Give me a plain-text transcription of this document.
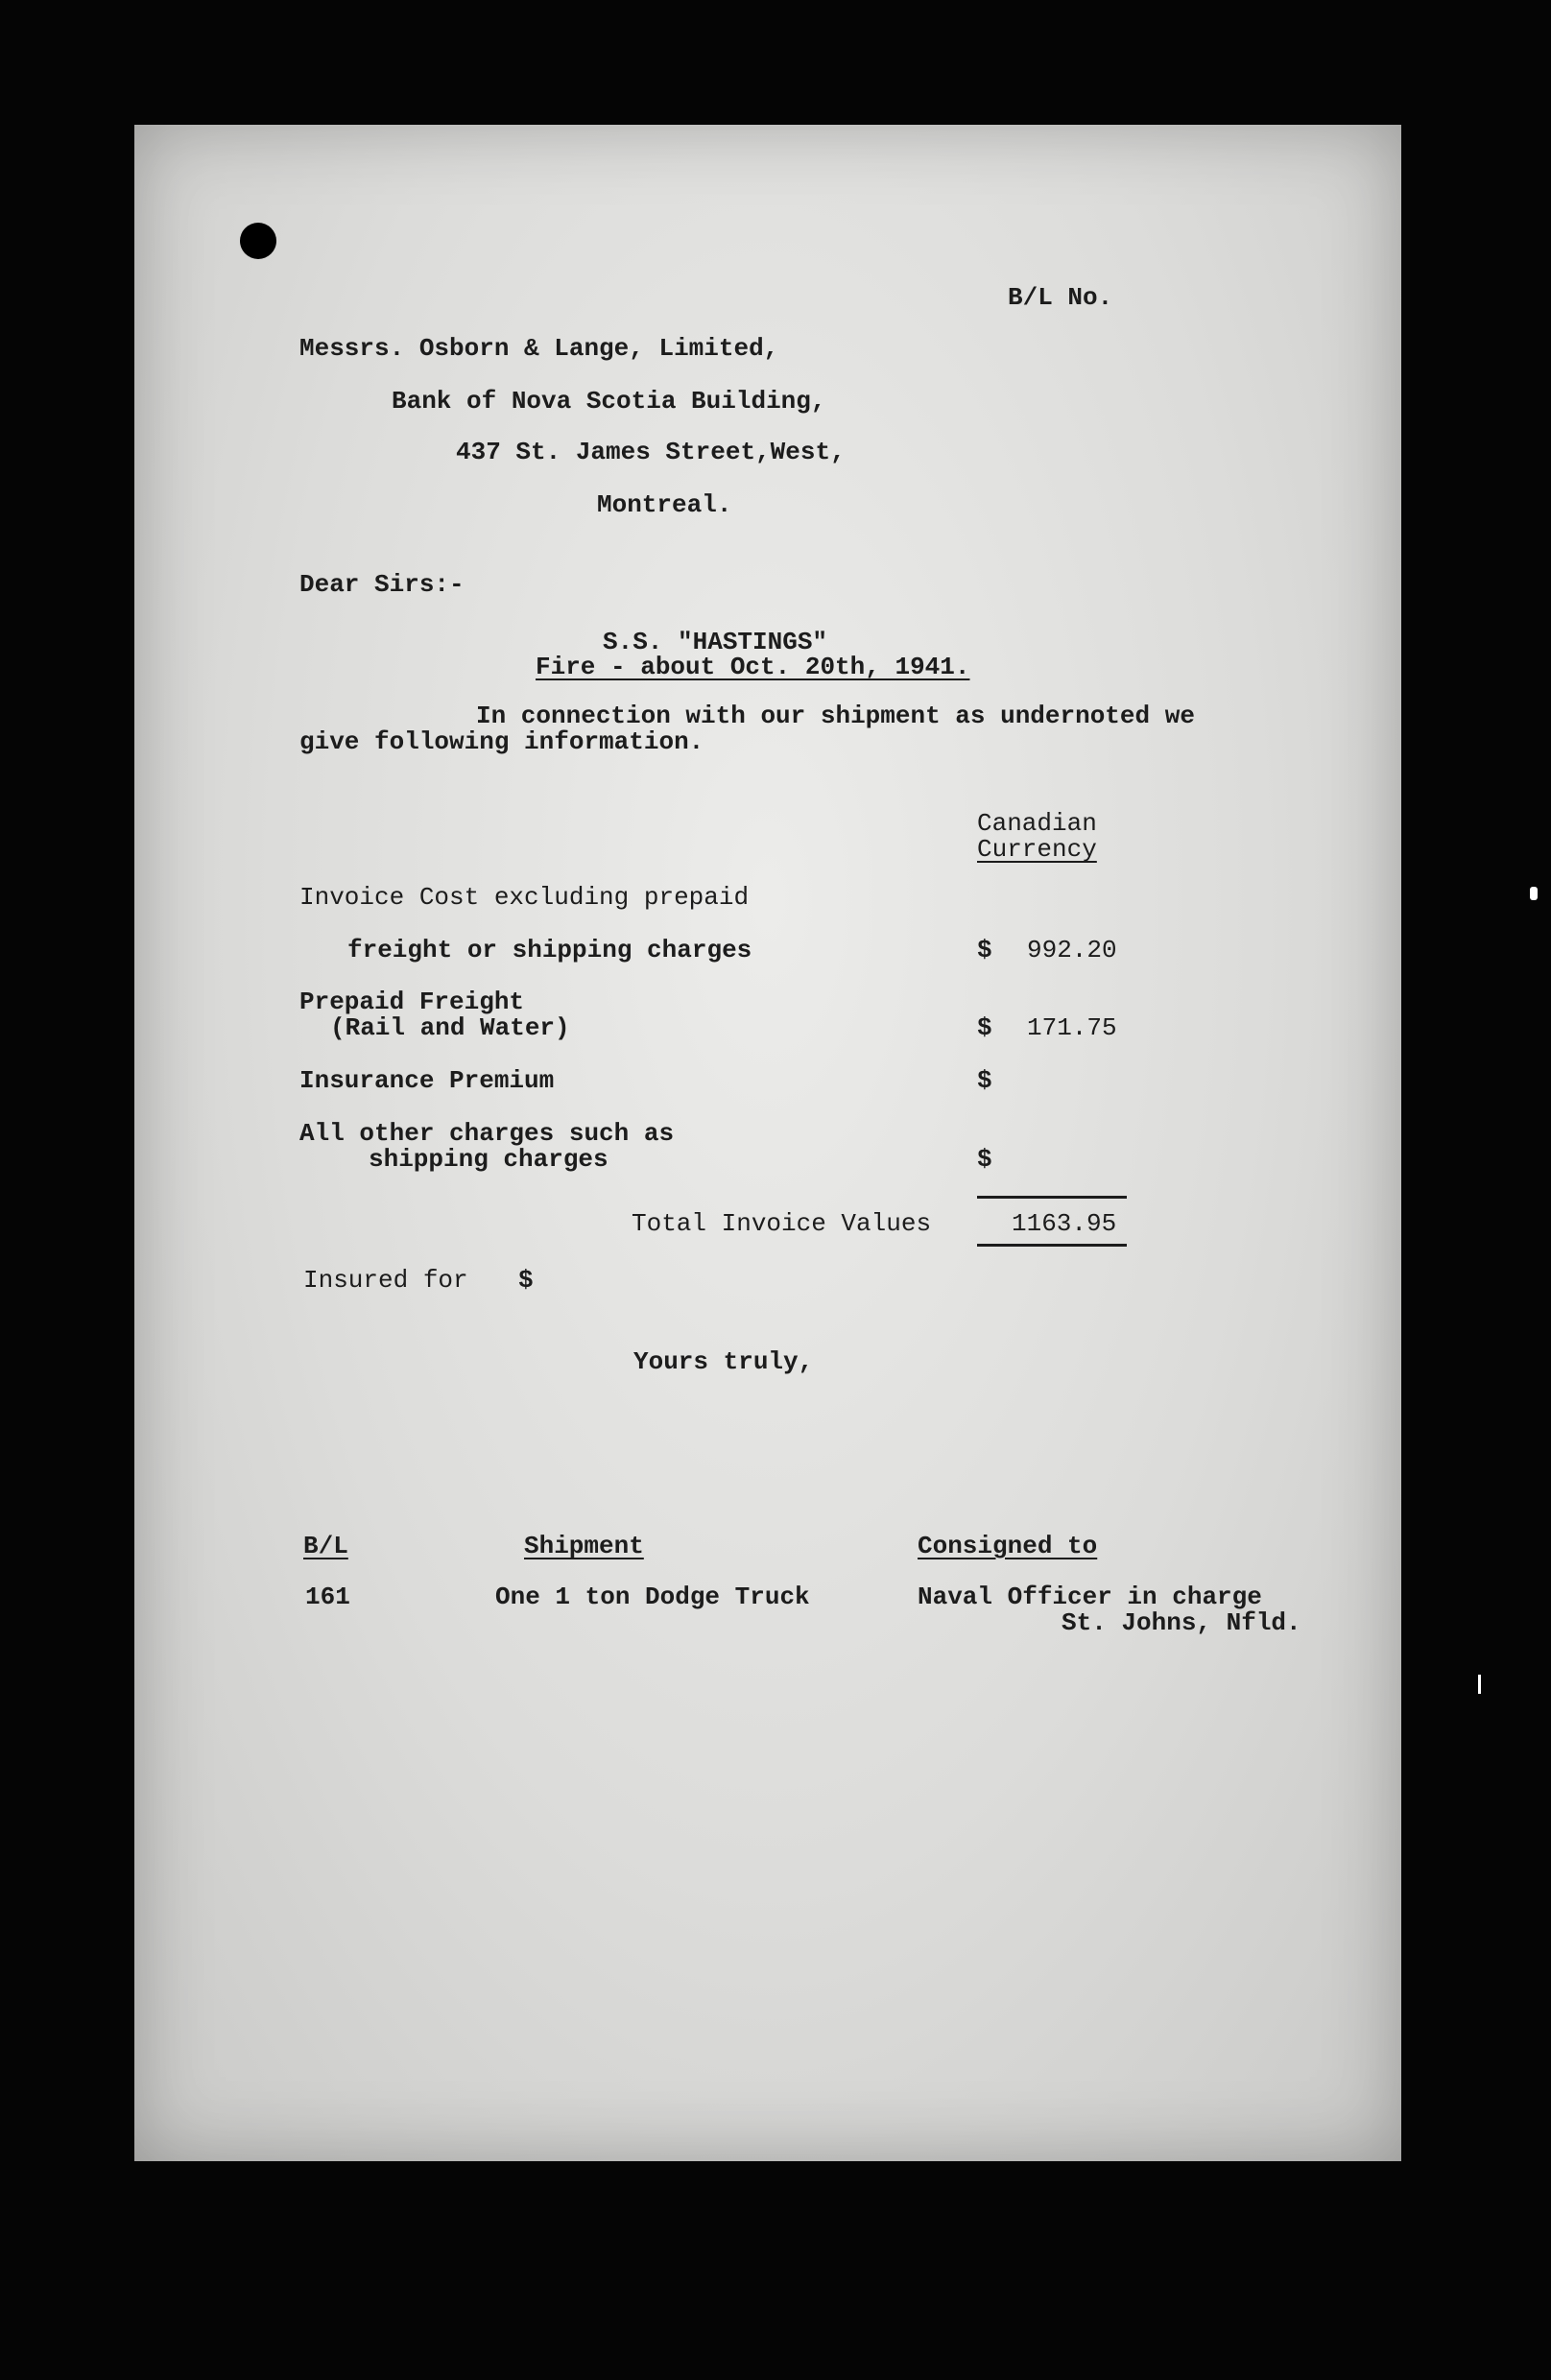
B/L No.
Messrs. Osborn & Lange, Limited,
Bank of Nova Scotia Building,
437 St. James Street,West,
Montreal.
Dear Sirs:-
S.S. "HASTINGS"
Fire - about Oct. 20th, 1941.
In connection with our shipment as undernoted we
give following information.
Canadian
Currency
Invoice Cost excluding prepaid
freight or shipping charges	$ 992.20
Prepaid Freight
(Rail and Water)	$ 171.75
Insurance Premium	$
All other charges such as
shipping charges	$
Total Invoice Values	1163.95
Insured for $
Yours truly,
B/L	Shipment	Consigned to
161	One 1 ton Dodge Truck	Naval Officer in charge
St. Johns, Nfld.
